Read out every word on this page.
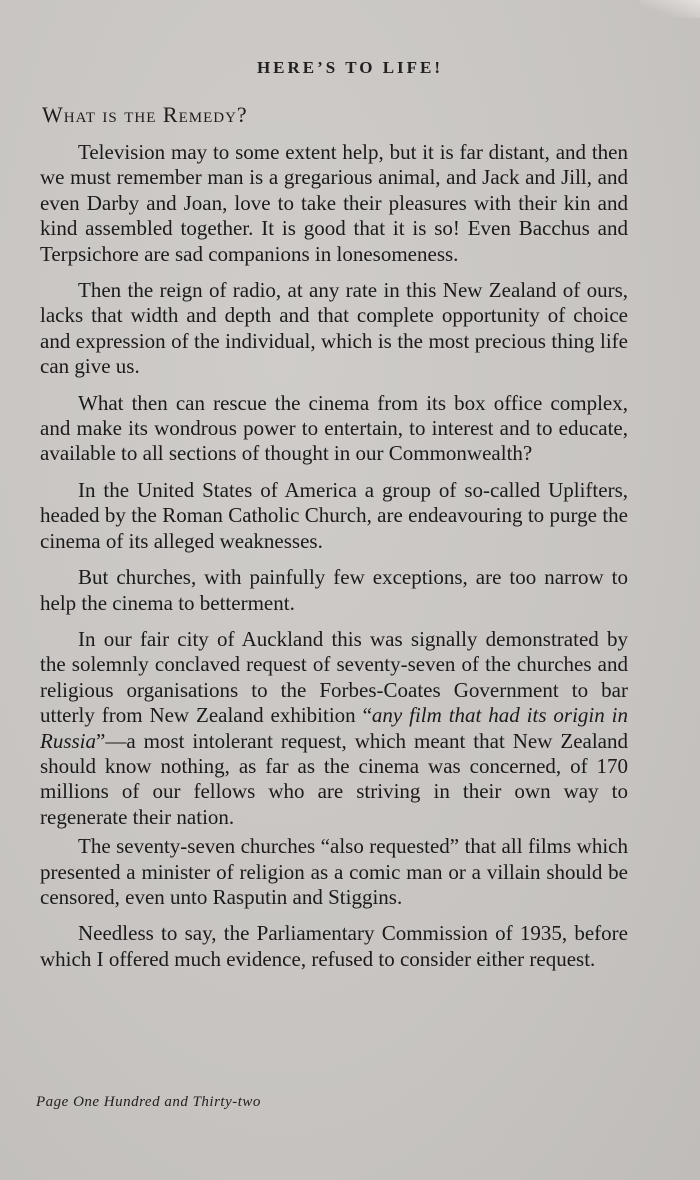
HERE’S TO LIFE!
What is the Remedy?

Television may to some extent help, but it is far distant, and then we must remember man is a gregarious animal, and Jack and Jill, and even Darby and Joan, love to take their pleasures with their kin and kind assembled together. It is good that it is so! Even Bacchus and Terpsichore are sad companions in lonesomeness.

Then the reign of radio, at any rate in this New Zealand of ours, lacks that width and depth and that complete opportunity of choice and expression of the individual, which is the most precious thing life can give us.

What then can rescue the cinema from its box office complex, and make its wondrous power to entertain, to interest and to educate, available to all sections of thought in our Commonwealth?

In the United States of America a group of so-called Uplifters, headed by the Roman Catholic Church, are endeavouring to purge the cinema of its alleged weaknesses.

But churches, with painfully few exceptions, are too narrow to help the cinema to betterment.

In our fair city of Auckland this was signally demonstrated by the solemnly conclaved request of seventy-seven of the churches and religious organisations to the Forbes-Coates Government to bar utterly from New Zealand exhibition “any film that had its origin in Russia”—a most intolerant request, which meant that New Zealand should know nothing, as far as the cinema was concerned, of 170 millions of our fellows who are striving in their own way to regenerate their nation.

The seventy-seven churches “also requested” that all films which presented a minister of religion as a comic man or a villain should be censored, even unto Rasputin and Stiggins.

Needless to say, the Parliamentary Commission of 1935, before which I offered much evidence, refused to consider either request.

Page One Hundred and Thirty-two
